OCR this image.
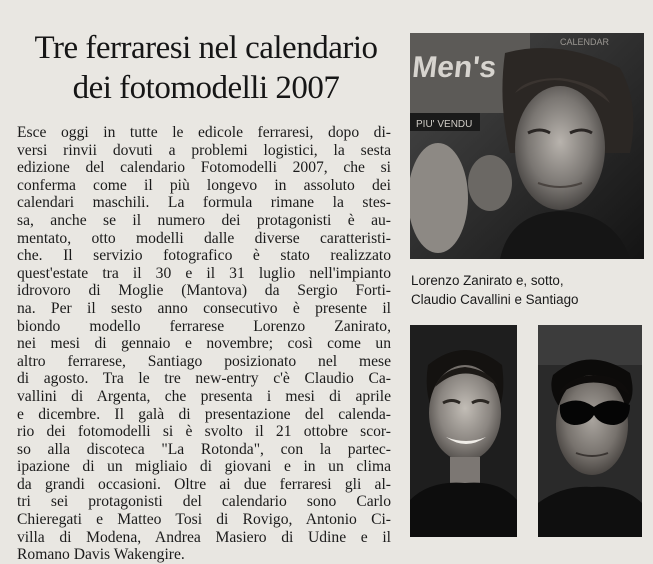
Tre ferraresi nel calendario
dei fotomodelli 2007
Esce oggi in tutte le edicole ferraresi, dopo di-
versi rinvii dovuti a problemi logistici, la sesta
edizione del calendario Fotomodelli 2007, che si
conferma come il più longevo in assoluto dei
calendari maschili. La formula rimane la stes-
sa, anche se il numero dei protagonisti è au-
mentato, otto modelli dalle diverse caratteristi-
che. Il servizio fotografico è stato realizzato
quest'estate tra il 30 e il 31 luglio nell'impianto
idrovoro di Moglie (Mantova) da Sergio Forti-
na. Per il sesto anno consecutivo è presente il
biondo modello ferrarese Lorenzo Zanirato,
nei mesi di gennaio e novembre; così come un
altro ferrarese, Santiago posizionato nel mese
di agosto. Tra le tre new-entry c'è Claudio Ca-
vallini di Argenta, che presenta i mesi di aprile
e dicembre. Il galà di presentazione del calenda-
rio dei fotomodelli si è svolto il 21 ottobre scor-
so alla discoteca "La Rotonda", con la partec-
ipazione di un migliaio di giovani e in un clima
da grandi occasioni. Oltre ai due ferraresi gli al-
tri sei protagonisti del calendario sono Carlo
Chieregati e Matteo Tosi di Rovigo, Antonio Ci-
villa di Modena, Andrea Masiero di Udine e il
Romano Davis Wakengire.
Men's
CALENDAR
PIU' VENDU
Lorenzo Zanirato e, sotto,
Claudio Cavallini e Santiago
